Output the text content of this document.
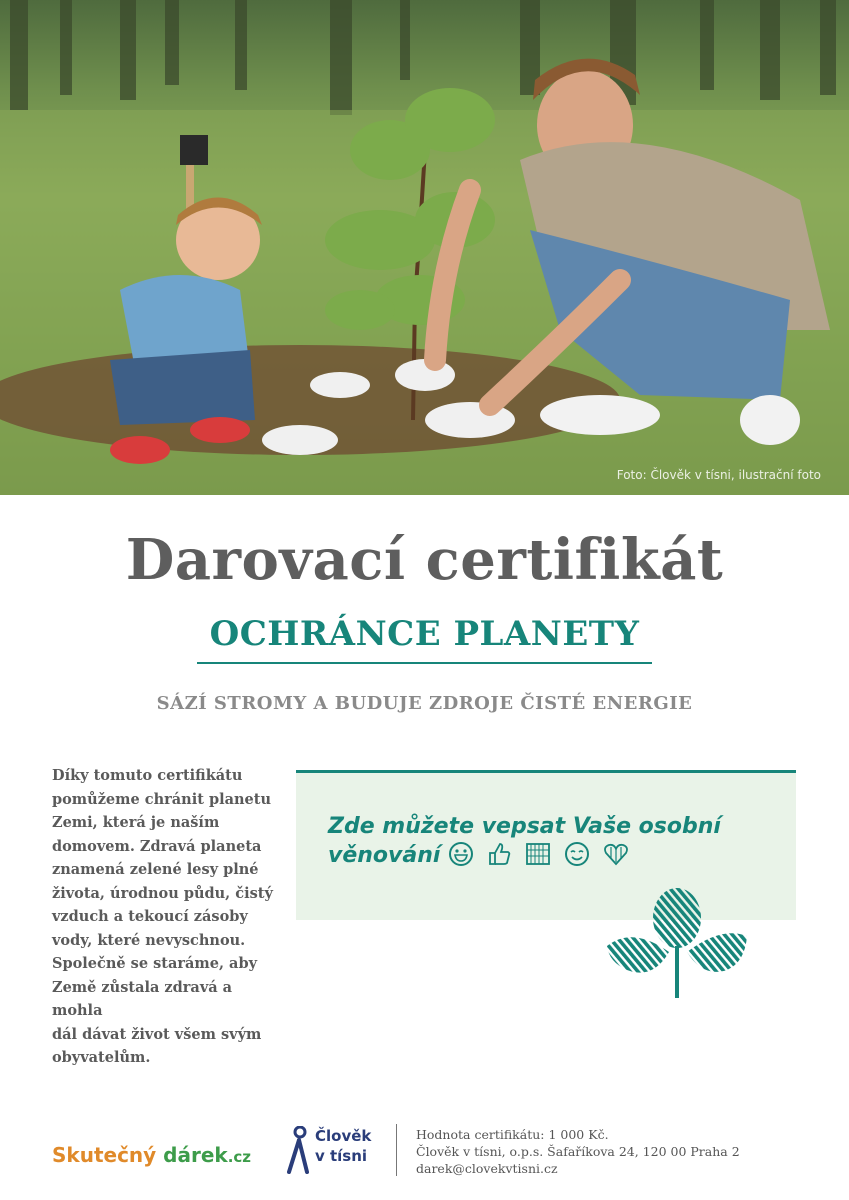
Foto: Člověk v tísni, ilustrační foto
Darovací certifikát
OCHRÁNCE PLANETY
SÁZÍ STROMY A BUDUJE ZDROJE ČISTÉ ENERGIE
Díky tomuto certifikátu
pomůžeme chránit planetu
Zemi, která je naším
domovem. Zdravá planeta
znamená zelené lesy plné
života, úrodnou půdu, čistý
vzduch a tekoucí zásoby
vody, které nevyschnou.
Společně se staráme, aby
Země zůstala zdravá a mohla
dál dávat život všem svým
obyvatelům.
Zde můžete vepsat Vaše osobní
věnování
Skutečný dárek.cz
Člověk
v tísni
Hodnota certifikátu: 1 000 Kč.
Člověk v tísni, o.p.s. Šafaříkova 24, 120 00 Praha 2
darek@clovekvtisni.cz
